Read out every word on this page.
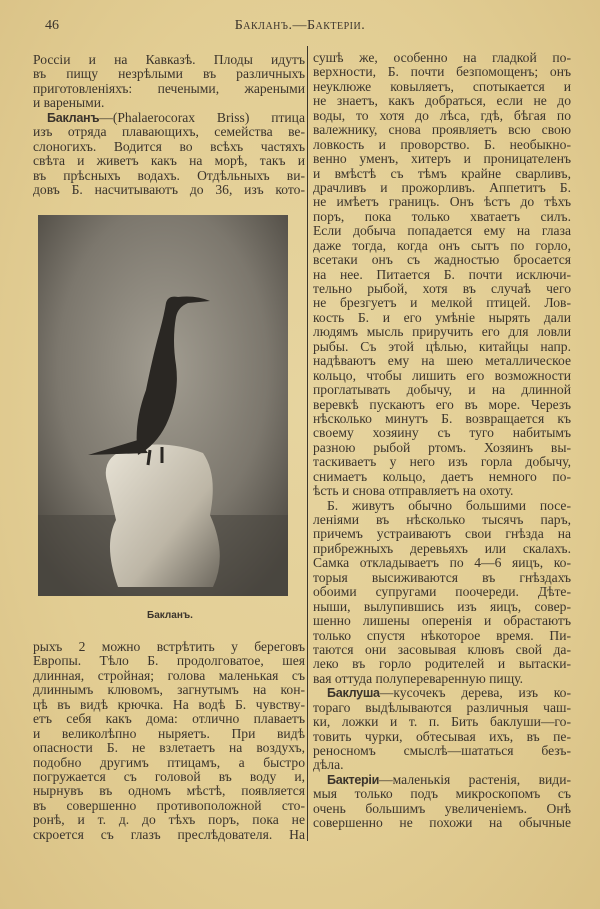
46	Бакланъ.—Бактеріи.
Россіи и на Кавказѣ. Плоды идутъ
въ пищу незрѣлыми въ различныхъ
приготовленіяхъ: печеными, жареными
и вареными.
Бакланъ—(Phalaerocorax Briss) птица
изъ отряда плавающихъ, семейства ве-
слоногихъ. Водится во всѣхъ частяхъ
свѣта и живетъ какъ на морѣ, такъ и
въ прѣсныхъ водахъ. Отдѣльныхъ ви-
довъ Б. насчитываютъ до 36, изъ кото-
Бакланъ.
рыхъ 2 можно встрѣтить у береговъ
Европы. Тѣло Б. продолговатое, шея
длинная, стройная; голова маленькая съ
длиннымъ клювомъ, загнутымъ на кон-
цѣ въ видѣ крючка. На водѣ Б. чувству-
етъ себя какъ дома: отлично плаваетъ
и великолѣпно ныряетъ. При видѣ
опасности Б. не взлетаетъ на воздухъ,
подобно другимъ птицамъ, а быстро
погружается съ головой въ воду и,
нырнувъ въ одномъ мѣстѣ, появляется
въ совершенно противоположной сто-
ронѣ, и т. д. до тѣхъ поръ, пока не
скроется съ глазъ преслѣдователя. На
сушѣ же, особенно на гладкой по-
верхности, Б. почти безпомощенъ; онъ
неуклюже ковыляетъ, спотыкается и
не знаетъ, какъ добраться, если не до
воды, то хотя до лѣса, гдѣ, бѣгая по
валежнику, снова проявляетъ всю свою
ловкость и проворство. Б. необыкно-
венно уменъ, хитеръ и проницателенъ
и вмѣстѣ съ тѣмъ крайне сварливъ,
драчливъ и прожорливъ. Аппетитъ Б.
не имѣетъ границъ. Онъ ѣстъ до тѣхъ
поръ, пока только хватаетъ силъ.
Если добыча попадается ему на глаза
даже тогда, когда онъ сытъ по горло,
всетаки онъ съ жадностью бросается
на нее. Питается Б. почти исключи-
тельно рыбой, хотя въ случаѣ чего
не брезгуетъ и мелкой птицей. Лов-
кость Б. и его умѣніе нырять дали
людямъ мысль приручить его для ловли
рыбы. Съ этой цѣлью, китайцы напр.
надѣваютъ ему на шею металлическое
кольцо, чтобы лишить его возможности
проглатывать добычу, и на длинной
веревкѣ пускаютъ его въ море. Черезъ
нѣсколько минутъ Б. возвращается къ
своему хозяину съ туго набитымъ
разною рыбой ртомъ. Хозяинъ вы-
таскиваетъ у него изъ горла добычу,
снимаетъ кольцо, даетъ немного по-
ѣсть и снова отправляетъ на охоту.
Б. живутъ обычно большими посе-
леніями въ нѣсколько тысячъ паръ,
причемъ устраиваютъ свои гнѣзда на
прибрежныхъ деревьяхъ или скалахъ.
Самка откладываетъ по 4—6 яицъ, ко-
торыя высиживаются въ гнѣздахъ
обоими супругами поочереди. Дѣте-
ныши, вылупившись изъ яицъ, совер-
шенно лишены оперенія и обрастаютъ
только спустя нѣкоторое время. Пи-
таются они засовывая клювъ свой да-
леко въ горло родителей и вытаски-
вая оттуда полупереваренную пищу.
Баклуша—кусочекъ дерева, изъ ко-
тораго выдѣлываются различныя чаш-
ки, ложки и т. п. Бить баклуши—го-
товить чурки, обтесывая ихъ, въ пе-
реносномъ смыслѣ—шататься безъ-
дѣла.
Бактеріи—маленькія растенія, види-
мыя только подъ микроскопомъ съ
очень большимъ увеличеніемъ. Онѣ
совершенно не похожи на обычные
